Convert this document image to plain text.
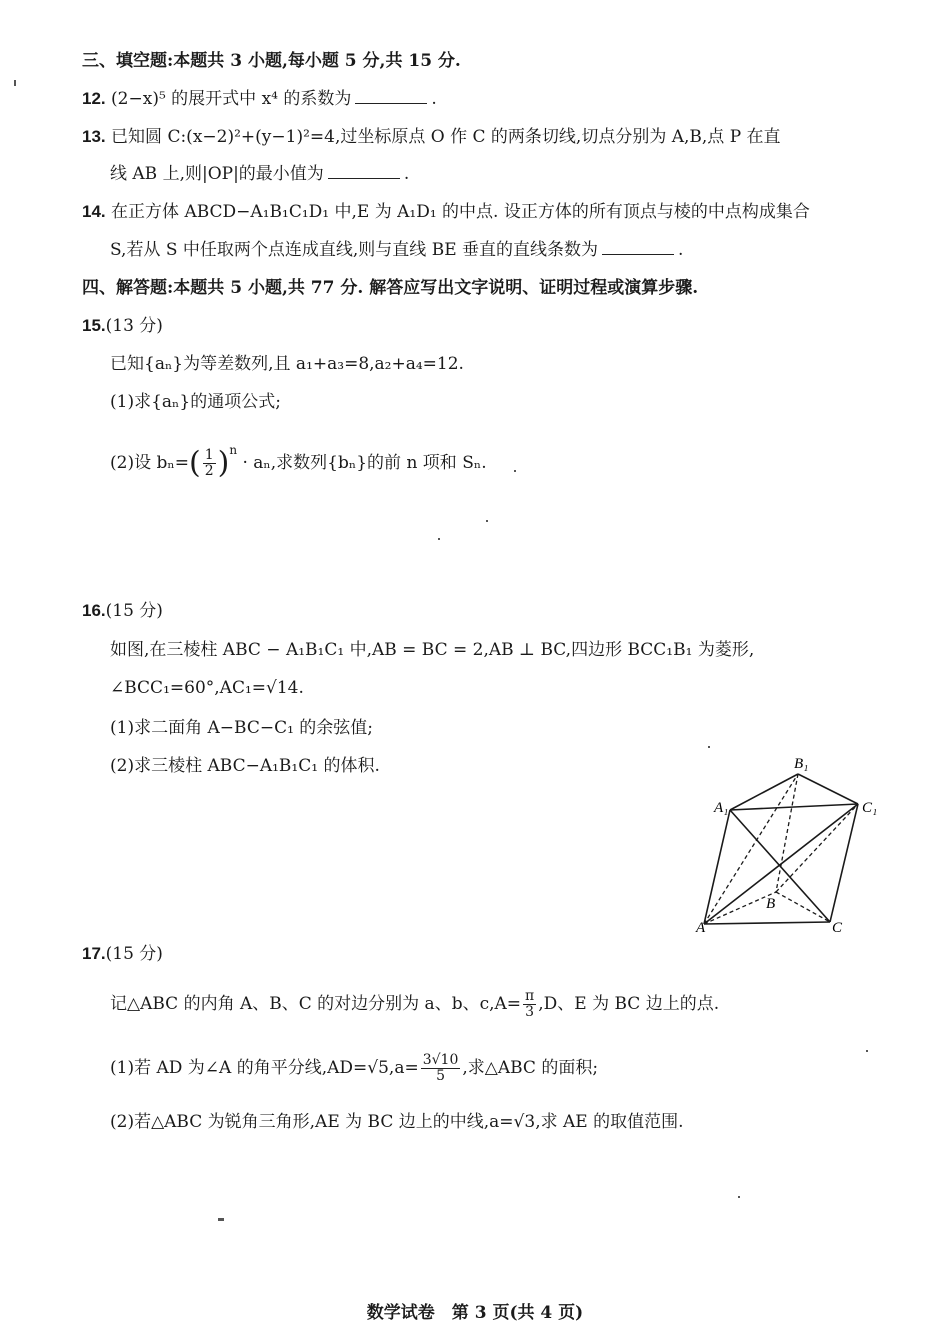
三、填空题:本题共 3 小题,每小题 5 分,共 15 分.
12. (2−x)⁵ 的展开式中 x⁴ 的系数为	.
13. 已知圆 C:(x−2)²+(y−1)²=4,过坐标原点 O 作 C 的两条切线,切点分别为 A,B,点 P 在直
线 AB 上,则|OP|的最小值为	.
14. 在正方体 ABCD−A₁B₁C₁D₁ 中,E 为 A₁D₁ 的中点. 设正方体的所有顶点与棱的中点构成集合
S,若从 S 中任取两个点连成直线,则与直线 BE 垂直的直线条数为	.
四、解答题:本题共 5 小题,共 77 分. 解答应写出文字说明、证明过程或演算步骤.
15.(13 分)
已知{aₙ}为等差数列,且 a₁+a₃=8,a₂+a₄=12.
(1)求{aₙ}的通项公式;
(2)设 $b_n=( \frac{1}{2} )^n \cdot a_n$,求数列{bₙ}的前 n 项和 Sₙ.
16.(15 分)
如图,在三棱柱 ABC − A₁B₁C₁ 中,AB = BC = 2,AB ⊥ BC,四边形 BCC₁B₁ 为菱形,
∠BCC₁=60°,AC₁=√14.
(1)求二面角 A−BC−C₁ 的余弦值;
(2)求三棱柱 ABC−A₁B₁C₁ 的体积.	B₁
A₁	C₁
A
B
C
17.(15 分)
记△ABC 的内角 A、B、C 的对边分别为 a、b、$c,A= \frac{\pi}{3} ,D$、E 为 BC 边上的点.
(1)若 AD 为∠A 的角平分线$,AD=√5,a= \frac{3√10}{5}$ ,求△ABC 的面积;
(2)若△ABC 为锐角三角形,AE 为 BC 边上的中线,a=√3,求 AE 的取值范围.
数学试卷　第 3 页(共 4 页)
